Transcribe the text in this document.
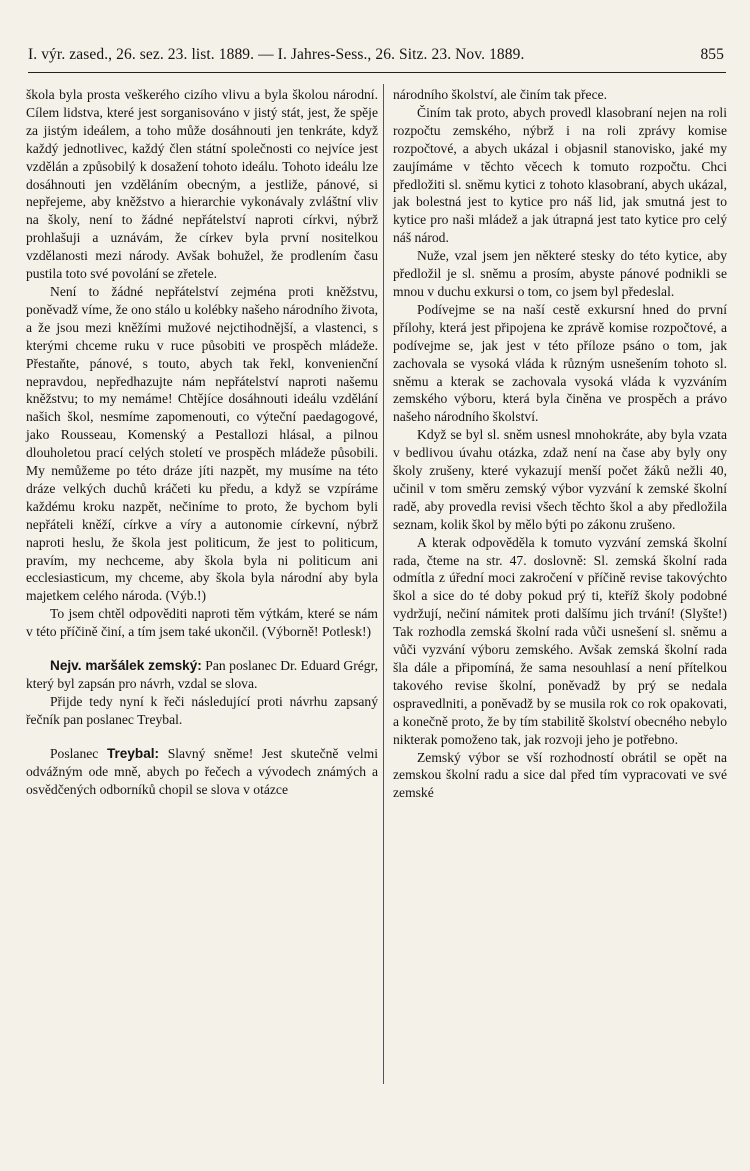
I. výr. zased., 26. sez. 23. list. 1889. — I. Jahres-Sess., 26. Sitz. 23. Nov. 1889.	855

škola byla prosta veškerého cizího vlivu a byla školou národní. Cílem lidstva, které jest sorganisováno v jistý stát, jest, že spěje za jistým ideálem, a toho může dosáhnouti jen tenkráte, když každý jednotlivec, každý člen státní společnosti co nejvíce jest vzdělán a způsobilý k dosažení tohoto ideálu. Tohoto ideálu lze dosáhnouti jen vzděláním obecným, a jestliže, pánové, si nepřejeme, aby kněžstvo a hierarchie vykonávaly zvláštní vliv na školy, není to žádné nepřátelství naproti církvi, nýbrž prohlašuji a uznávám, že církev byla první nositelkou vzdělanosti mezi národy. Avšak bohužel, že prodlením času pustila toto své povolání se zřetele.

Není to žádné nepřátelství zejména proti kněžstvu, poněvadž víme, že ono stálo u kolébky našeho národního života, a že jsou mezi kněžími mužové nejctihodnější, a vlastenci, s kterými chceme ruku v ruce působiti ve prospěch mládeže. Přestaňte, pánové, s touto, abych tak řekl, konvenienční nepravdou, nepředhazujte nám nepřátelství naproti našemu kněžstvu; to my nemáme! Chtějíce dosáhnouti ideálu vzdělání našich škol, nesmíme zapomenouti, co výteční paedagogové, jako Rousseau, Komenský a Pestallozi hlásal, a pilnou dlouholetou prací celých století ve prospěch mládeže působili. My nemůžeme po této dráze jíti nazpět, my musíme na této dráze velkých duchů kráčeti ku předu, a když se vzpíráme každému kroku nazpět, nečiníme to proto, že bychom byli nepřáteli kněží, církve a víry a autonomie církevní, nýbrž naproti heslu, že škola jest politicum, že jest to politicum, pravím, my nechceme, aby škola byla ni politicum ani ecclesiasticum, my chceme, aby škola byla národní aby byla majetkem celého národa. (Výb.!)

To jsem chtěl odpověditi naproti těm výtkám, které se nám v této příčině činí, a tím jsem také ukončil. (Výborně! Potlesk!)

Nejv. maršálek zemský: Pan poslanec Dr. Eduard Grégr, který byl zapsán pro návrh, vzdal se slova.

Přijde tedy nyní k řeči následující proti návrhu zapsaný řečník pan poslanec Treybal.

Poslanec Treybal: Slavný sněme! Jest skutečně velmi odvážným ode mně, abych po řečech a vývodech známých a osvědčených odborníků chopil se slova v otázce

národního školství, ale činím tak přece.

Činím tak proto, abych provedl klasobraní nejen na roli rozpočtu zemského, nýbrž i na roli zprávy komise rozpočtové, a abych ukázal i objasnil stanovisko, jaké my zaujímáme v těchto věcech k tomuto rozpočtu. Chci předložiti sl. sněmu kytici z tohoto klasobraní, abych ukázal, jak bolestná jest to kytice pro náš lid, jak smutná jest to kytice pro naši mládež a jak útrapná jest tato kytice pro celý náš národ.

Nuže, vzal jsem jen některé stesky do této kytice, aby předložil je sl. sněmu a prosím, abyste pánové podnikli se mnou v duchu exkursi o tom, co jsem byl předeslal.

Podívejme se na naší cestě exkursní hned do první přílohy, která jest připojena ke zprávě komise rozpočtové, a podívejme se, jak jest v této příloze psáno o tom, jak zachovala se vysoká vláda k různým usnešením tohoto sl. sněmu a kterak se zachovala vysoká vláda k vyzváním zemského výboru, která byla činěna ve prospěch a právo našeho národního školství.

Když se byl sl. sněm usnesl mnohokráte, aby byla vzata v bedlivou úvahu otázka, zdaž není na čase aby byly ony školy zrušeny, které vykazují menší počet žáků nežli 40, učinil v tom směru zemský výbor vyzvání k zemské školní radě, aby provedla revisi všech těchto škol a aby předložila seznam, kolik škol by mělo býti po zákonu zrušeno.

A kterak odpověděla k tomuto vyzvání zemská školní rada, čteme na str. 47. doslovně: Sl. zemská školní rada odmítla z úřední moci zakročení v příčině revise takovýchto škol a sice do té doby pokud prý ti, kteříž školy podobné vydržují, nečiní námitek proti dalšímu jich trvání! (Slyšte!) Tak rozhodla zemská školní rada vůči usnešení sl. sněmu a vůči vyzvání výboru zemského. Avšak zemská školní rada šla dále a připomíná, že sama nesouhlasí a není přítelkou takového revise školní, poněvadž by prý se nedala ospravedlniti, a poněvadž by se musila rok co rok opakovati, a konečně proto, že by tím stabilitě školství obecného nebylo nikterak pomoženo tak, jak rozvoji jeho je potřebno.

Zemský výbor se vší rozhodností obrátil se opět na zemskou školní radu a sice dal před tím vypracovati ve své zemské
